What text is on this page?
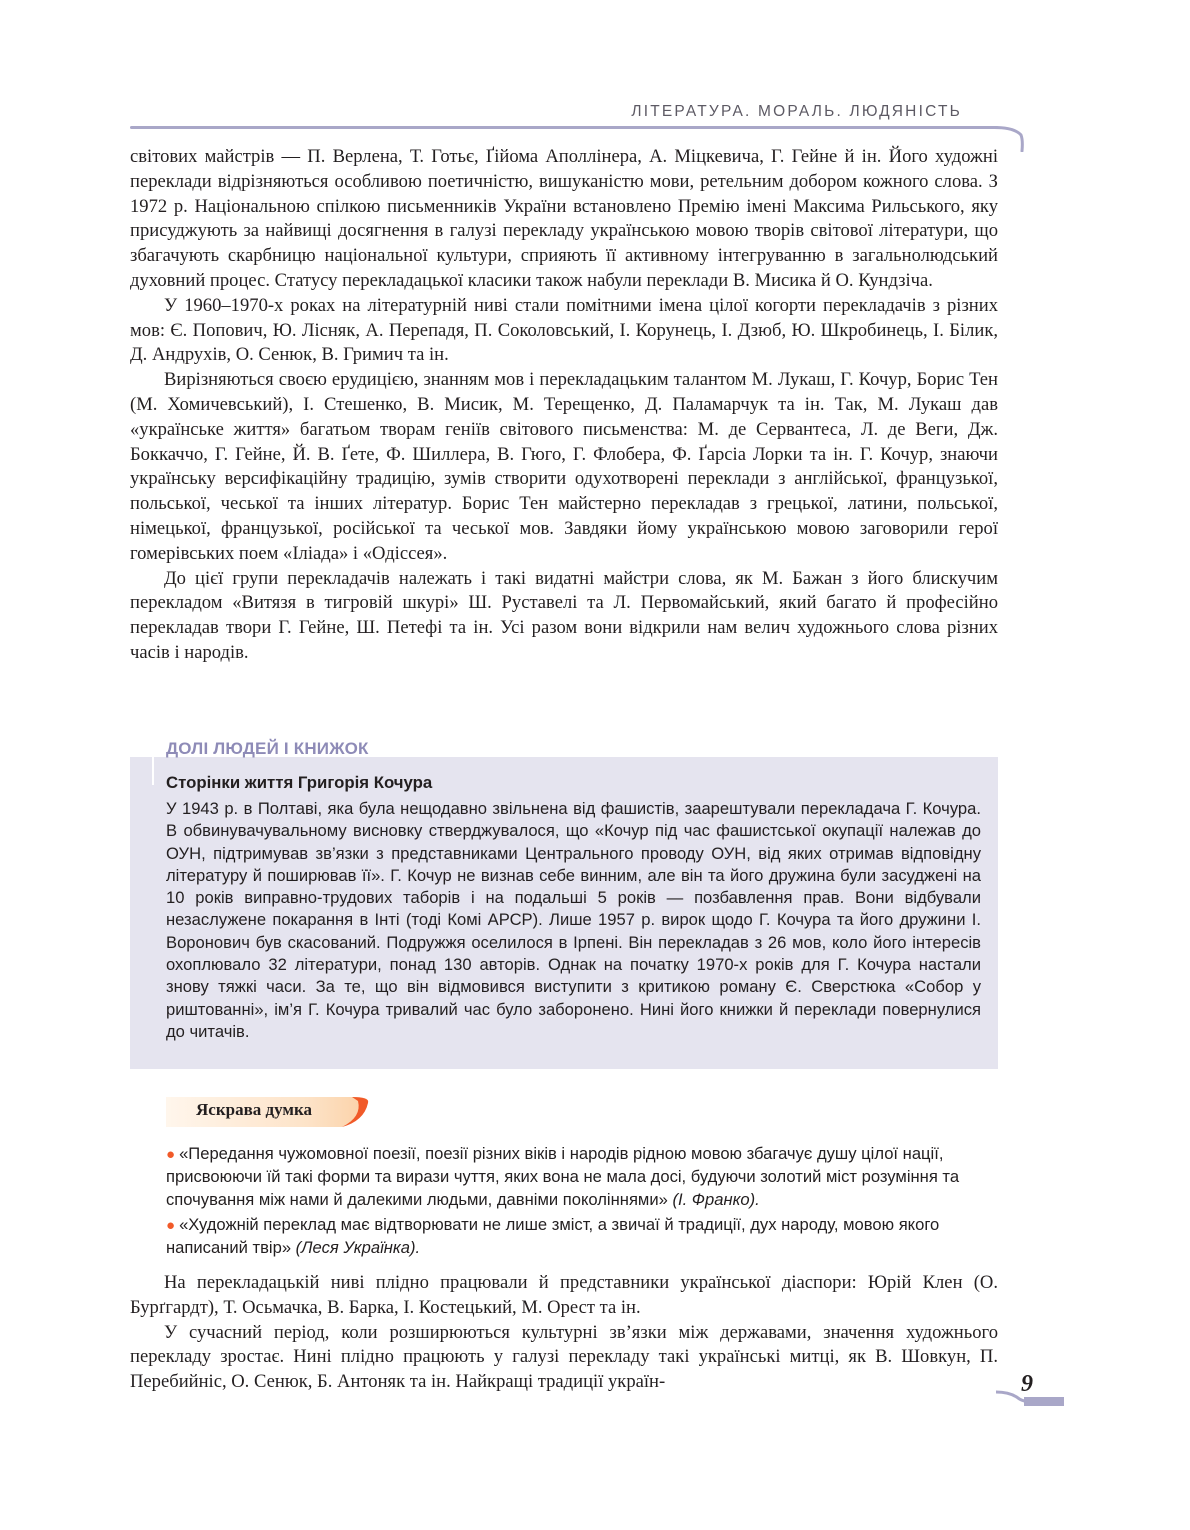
ЛІТЕРАТУРА. МОРАЛЬ. ЛЮДЯНІСТЬ

світових майстрів — П. Верлена, Т. Готьє, Ґійома Аполлінера, А. Міцкевича, Г. Гейне й ін. Його художні переклади відрізняються особливою поетичністю, вишуканістю мови, ретельним добором кожного слова. З 1972 р. Національною спілкою письменників України встановлено Премію імені Максима Рильського, яку присуджують за найвищі досягнення в галузі перекладу українською мовою творів світової літератури, що збагачують скарбницю національної культури, сприяють її активному інтегруванню в загальнолюдський духовний процес. Статусу перекладацької класики також набули переклади В. Мисика й О. Кундзіча.

У 1960–1970-х роках на літературній ниві стали помітними імена цілої когорти перекладачів з різних мов: Є. Попович, Ю. Лісняк, А. Перепадя, П. Соколовський, І. Корунець, І. Дзюб, Ю. Шкробинець, І. Білик, Д. Андрухів, О. Сенюк, В. Гримич та ін.

Вирізняються своєю ерудицією, знанням мов і перекладацьким талантом М. Лукаш, Г. Кочур, Борис Тен (М. Хомичевський), І. Стешенко, В. Мисик, М. Терещенко, Д. Паламарчук та ін. Так, М. Лукаш дав «українське життя» багатьом творам геніїв світового письменства: М. де Сервантеса, Л. де Веги, Дж. Боккаччо, Г. Гейне, Й. В. Ґете, Ф. Шиллера, В. Гюго, Г. Флобера, Ф. Ґарсіа Лорки та ін. Г. Кочур, знаючи українську версифікаційну традицію, зумів створити одухотворені переклади з англійської, французької, польської, чеської та інших літератур. Борис Тен майстерно перекладав з грецької, латини, польської, німецької, французької, російської та чеської мов. Завдяки йому українською мовою заговорили герої гомерівських поем «Іліада» і «Одіссея».

До цієї групи перекладачів належать і такі видатні майстри слова, як М. Бажан з його блискучим перекладом «Витязя в тигровій шкурі» Ш. Руставелі та Л. Первомайський, який багато й професійно перекладав твори Г. Гейне, Ш. Петефі та ін. Усі разом вони відкрили нам велич художнього слова різних часів і народів.

ДОЛІ ЛЮДЕЙ І КНИЖОК
Сторінки життя Григорія Кочура
У 1943 р. в Полтаві, яка була нещодавно звільнена від фашистів, заарештували перекладача Г. Кочура. В обвинувачувальному висновку стверджувалося, що «Кочур під час фашистської окупації належав до ОУН, підтримував зв’язки з представниками Центрального проводу ОУН, від яких отримав відповідну літературу й поширював її». Г. Кочур не визнав себе винним, але він та його дружина були засуджені на 10 років виправно-трудових таборів і на подальші 5 років — позбавлення прав. Вони відбували незаслужене покарання в Інті (тоді Комі АРСР). Лише 1957 р. вирок щодо Г. Кочура та його дружини І. Воронович був скасований. Подружжя оселилося в Ірпені. Він перекладав з 26 мов, коло його інтересів охоплювало 32 літератури, понад 130 авторів. Однак на початку 1970-х років для Г. Кочура настали знову тяжкі часи. За те, що він відмовився виступити з критикою роману Є. Сверстюка «Собор у риштованні», ім’я Г. Кочура тривалий час було заборонено. Нині його книжки й переклади повернулися до читачів.
Яскрава думка
● «Передання чужомовної поезії, поезії різних віків і народів рідною мовою збагачує душу цілої нації, присвоюючи їй такі форми та вирази чуття, яких вона не мала досі, будуючи золотий міст розуміння та спочування між нами й далекими людьми, давніми поколіннями» (І. Франко).
● «Художній переклад має відтворювати не лише зміст, а звичаї й традиції, дух народу, мовою якого написаний твір» (Леся Українка).

На перекладацькій ниві плідно працювали й представники української діаспори: Юрій Клен (О. Бурґгардт), Т. Осьмачка, В. Барка, І. Костецький, М. Орест та ін.

У сучасний період, коли розширюються культурні зв’язки між державами, значення художнього перекладу зростає. Нині плідно працюють у галузі перекладу такі українські митці, як В. Шовкун, П. Перебийніс, О. Сенюк, Б. Антоняк та ін. Найкращі традиції україн-	9
